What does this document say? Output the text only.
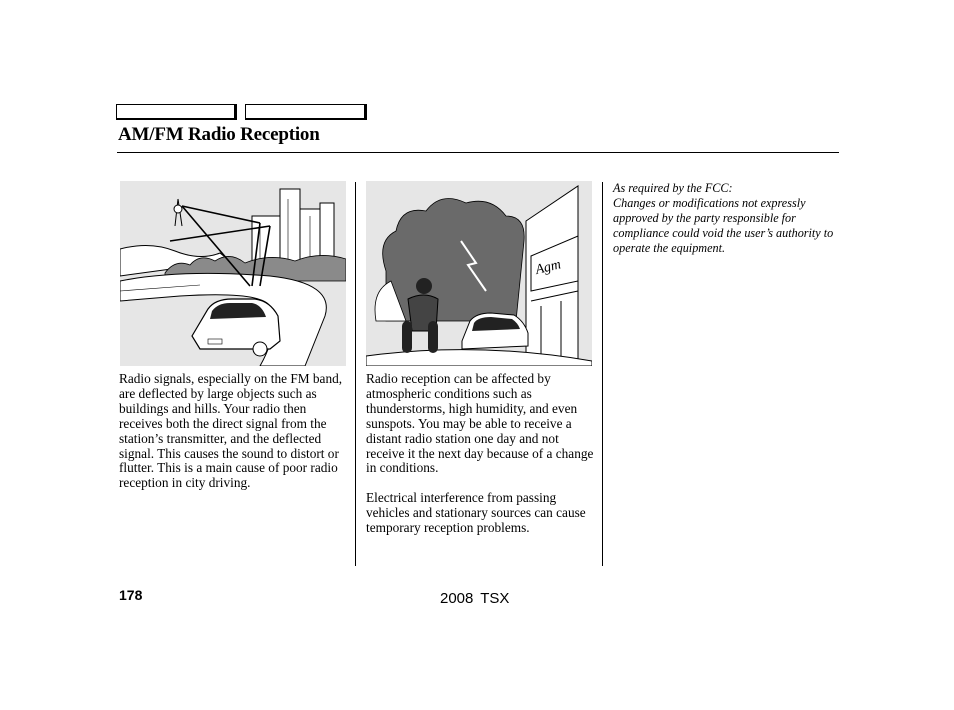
AM/FM Radio Reception
Agm

Radio signals, especially on the FM band, are deflected by large objects such as buildings and hills. Your radio then receives both the direct signal from the station’s transmitter, and the deflected signal. This causes the sound to distort or flutter. This is a main cause of poor radio reception in city driving.

Radio reception can be affected by atmospheric conditions such as thunderstorms, high humidity, and even sunspots. You may be able to receive a distant radio station one day and not receive it the next day because of a change in conditions.

Electrical interference from passing vehicles and stationary sources can cause temporary reception problems.

As required by the FCC:
Changes or modifications not expressly approved by the party responsible for compliance could void the user’s authority to operate the equipment.
178	2008 TSX
